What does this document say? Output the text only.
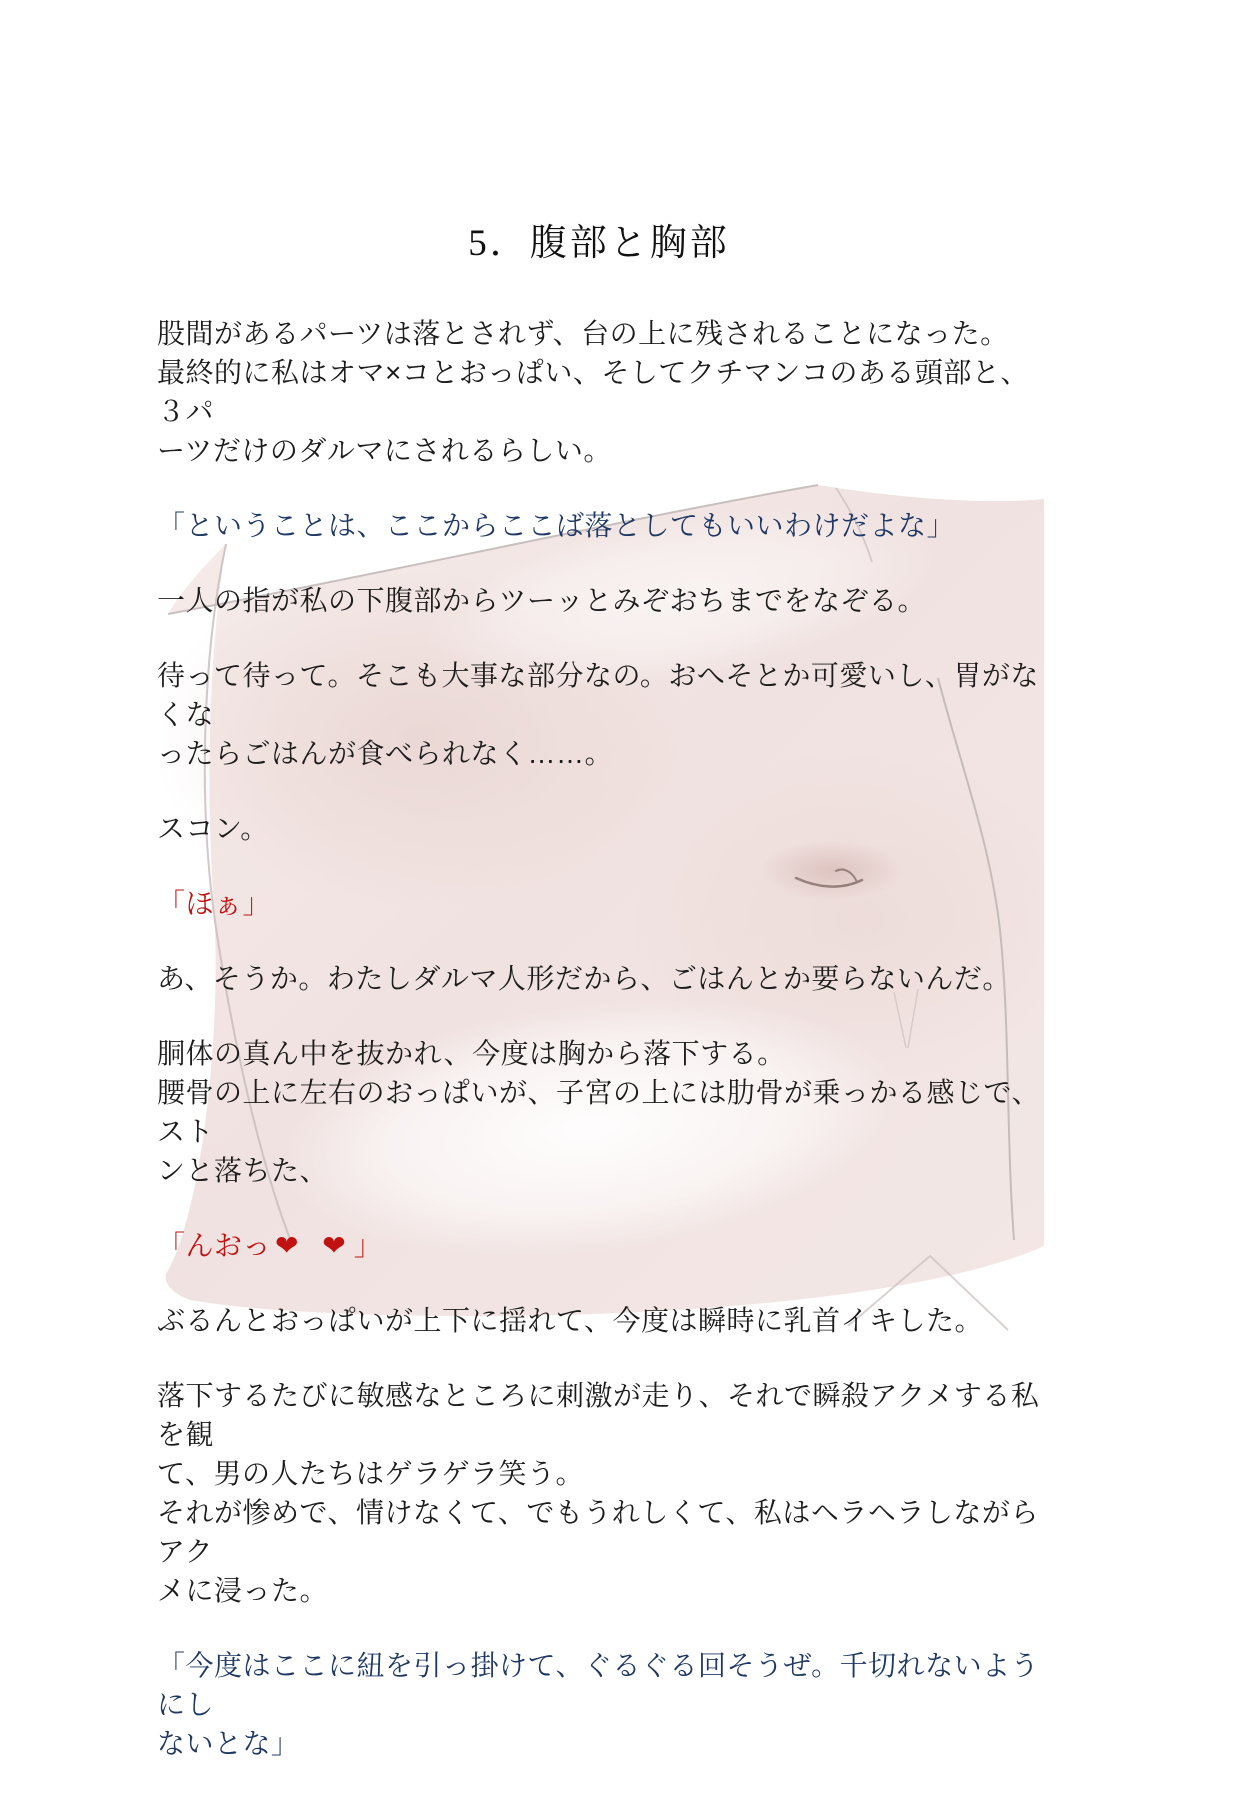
5．腹部と胸部
股間があるパーツは落とされず、台の上に残されることになった。
最終的に私はオマ×コとおっぱい、そしてクチマンコのある頭部と、３パ
ーツだけのダルマにされるらしい。
「ということは、ここからここば落としてもいいわけだよな」
一人の指が私の下腹部からツーッとみぞおちまでをなぞる。
待って待って。そこも大事な部分なの。おへそとか可愛いし、胃がなくな
ったらごはんが食べられなく……。
スコン。
「ほぁ」
あ、そうか。わたしダルマ人形だから、ごはんとか要らないんだ。
胴体の真ん中を抜かれ、今度は胸から落下する。
腰骨の上に左右のおっぱいが、子宮の上には肋骨が乗っかる感じで、スト
ンと落ちた、
「んおっ ❤ ❤」
ぶるんとおっぱいが上下に揺れて、今度は瞬時に乳首イキした。
落下するたびに敏感なところに刺激が走り、それで瞬殺アクメする私を観
て、男の人たちはゲラゲラ笑う。
それが惨めで、情けなくて、でもうれしくて、私はヘラヘラしながらアク
メに浸った。
「今度はここに紐を引っ掛けて、ぐるぐる回そうぜ。千切れないようにし
ないとな」
